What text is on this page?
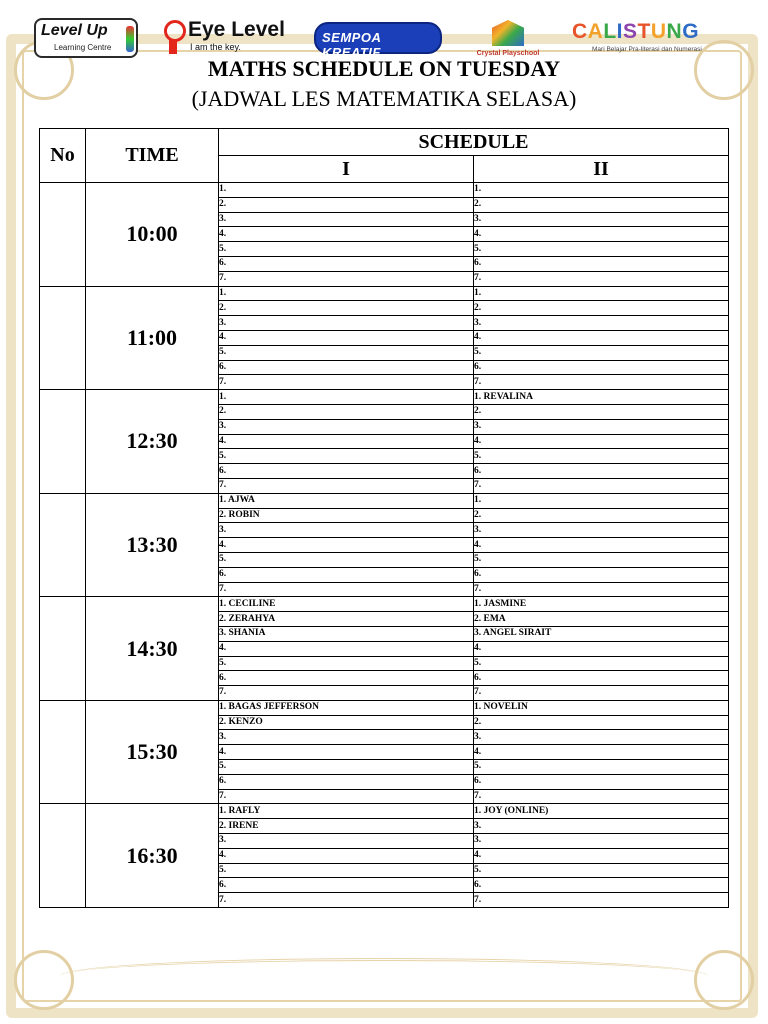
Level Up
Learning Centre
Eye Level
I am the key.
SEMPOA KREATIF	Crystal Playschool
CALISTUNG
Mari Belajar Pra-literasi dan Numerasi
MATHS SCHEDULE ON TUESDAY
(JADWAL LES MATEMATIKA SELASA)
No	TIME	SCHEDULE	
		I	II
	10:00	1.	1.
		2.	2.
		3.	3.
		4.	4.
		5.	5.
		6.	6.
		7.	7.
	11:00	1.	1.
		2.	2.
		3.	3.
		4.	4.
		5.	5.
		6.	6.
		7.	7.
	12:30	1.	1. REVALINA
		2.	2.
		3.	3.
		4.	4.
		5.	5.
		6.	6.
		7.	7.
	13:30	1. AJWA	1.
		2. ROBIN	2.
		3.	3.
		4.	4.
		5.	5.
		6.	6.
		7.	7.
	14:30	1. CECILINE	1. JASMINE
		2. ZERAHYA	2. EMA
		3. SHANIA	3. ANGEL SIRAIT
		4.	4.
		5.	5.
		6.	6.
		7.	7.
	15:30	1. BAGAS JEFFERSON	1. NOVELIN
		2. KENZO	2.
		3.	3.
		4.	4.
		5.	5.
		6.	6.
		7.	7.
	16:30	1. RAFLY	1. JOY (ONLINE)
		2. IRENE	3.
		3.	3.
		4.	4.
		5.	5.
		6.	6.
		7.	7.
